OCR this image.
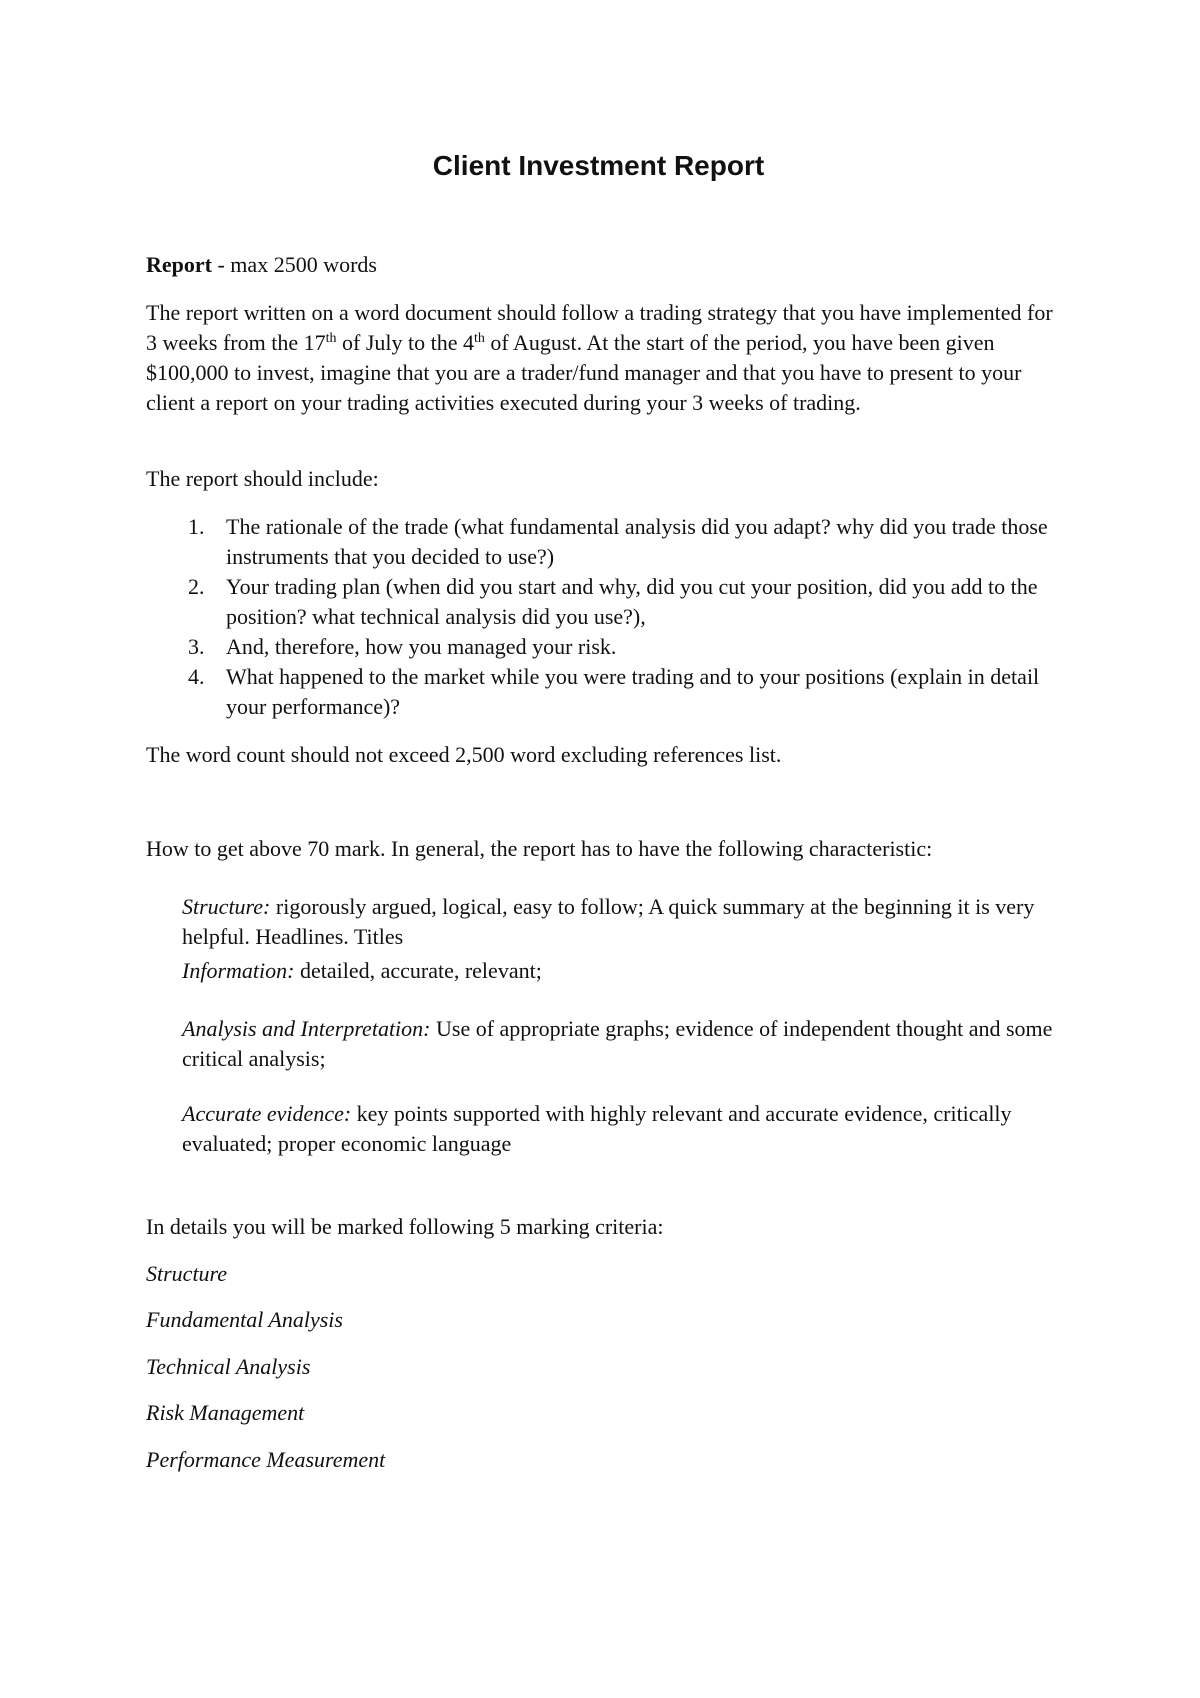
Client Investment Report

Report - max 2500 words

The report written on a word document should follow a trading strategy that you have implemented for 3 weeks from the 17th of July to the 4th of August. At the start of the period, you have been given $100,000 to invest, imagine that you are a trader/fund manager and that you have to present to your client a report on your trading activities executed during your 3 weeks of trading.

The report should include:

1. The rationale of the trade (what fundamental analysis did you adapt? why did you trade those instruments that you decided to use?)
2. Your trading plan (when did you start and why, did you cut your position, did you add to the position? what technical analysis did you use?),
3. And, therefore, how you managed your risk.
4. What happened to the market while you were trading and to your positions (explain in detail your performance)?

The word count should not exceed 2,500 word excluding references list.

How to get above 70 mark. In general, the report has to have the following characteristic:

Structure: rigorously argued, logical, easy to follow; A quick summary at the beginning it is very helpful. Headlines. Titles

Information: detailed, accurate, relevant;

Analysis and Interpretation: Use of appropriate graphs; evidence of independent thought and some critical analysis;

Accurate evidence: key points supported with highly relevant and accurate evidence, critically evaluated; proper economic language

In details you will be marked following 5 marking criteria:

Structure

Fundamental Analysis

Technical Analysis

Risk Management

Performance Measurement
